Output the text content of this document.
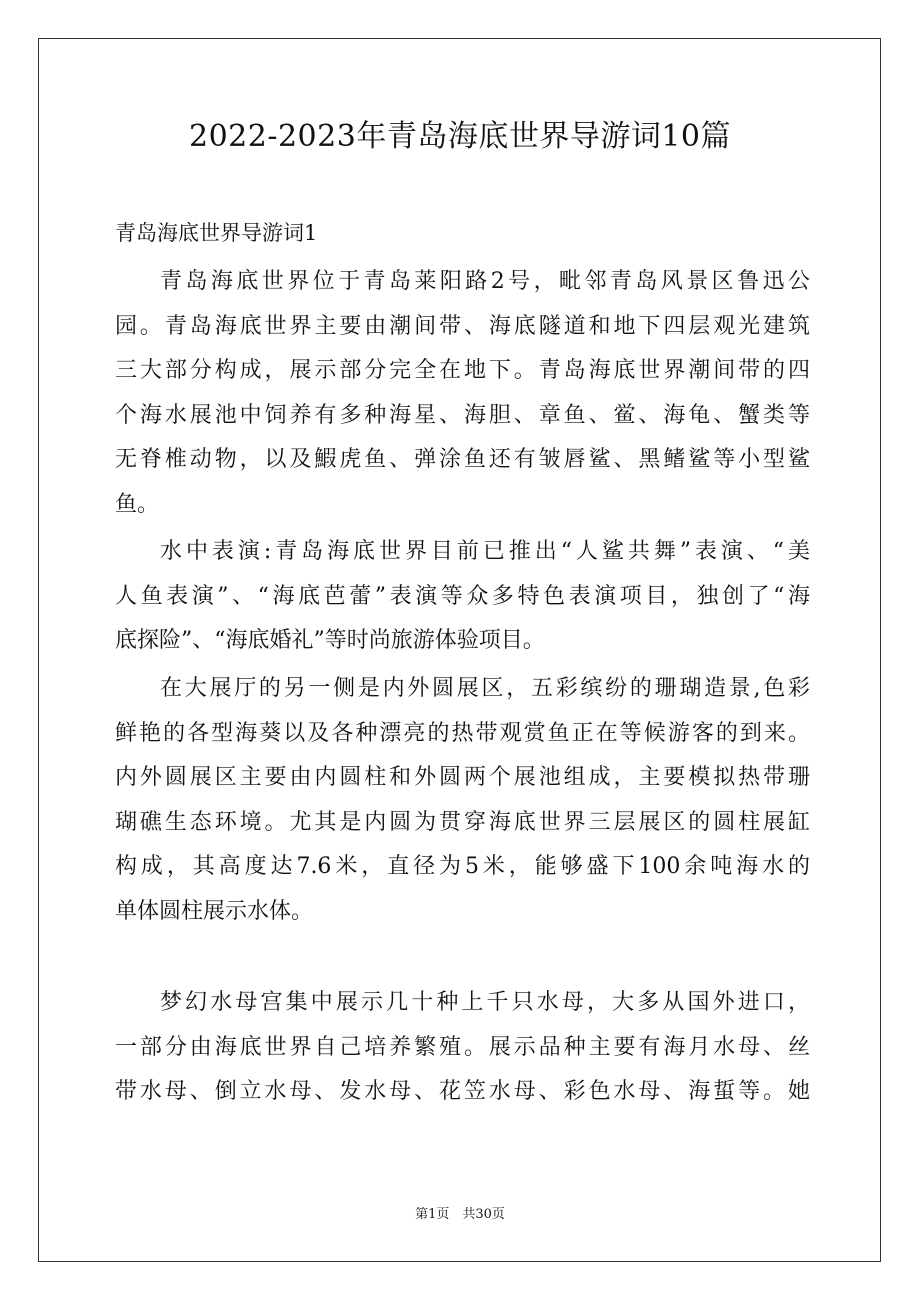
2022-2023年青岛海底世界导游词10篇
青岛海底世界导游词1
青岛海底世界位于青岛莱阳路2号，毗邻青岛风景区鲁迅公
园。青岛海底世界主要由潮间带、海底隧道和地下四层观光建筑
三大部分构成，展示部分完全在地下。青岛海底世界潮间带的四
个海水展池中饲养有多种海星、海胆、章鱼、鲎、海龟、蟹类等
无脊椎动物，以及鰕虎鱼、弹涂鱼还有皱唇鲨、黑鳍鲨等小型鲨
鱼。
水中表演:青岛海底世界目前已推出“人鲨共舞”表演、“美
人鱼表演”、“海底芭蕾”表演等众多特色表演项目，独创了“海
底探险”、“海底婚礼”等时尚旅游体验项目。
在大展厅的另一侧是内外圆展区，五彩缤纷的珊瑚造景,色彩
鲜艳的各型海葵以及各种漂亮的热带观赏鱼正在等候游客的到来。
内外圆展区主要由内圆柱和外圆两个展池组成，主要模拟热带珊
瑚礁生态环境。尤其是内圆为贯穿海底世界三层展区的圆柱展缸
构成，其高度达7.6米，直径为5米，能够盛下100余吨海水的
单体圆柱展示水体。
梦幻水母宫集中展示几十种上千只水母，大多从国外进口，
一部分由海底世界自己培养繁殖。展示品种主要有海月水母、丝
带水母、倒立水母、发水母、花笠水母、彩色水母、海蜇等。她
第1页　共30页
